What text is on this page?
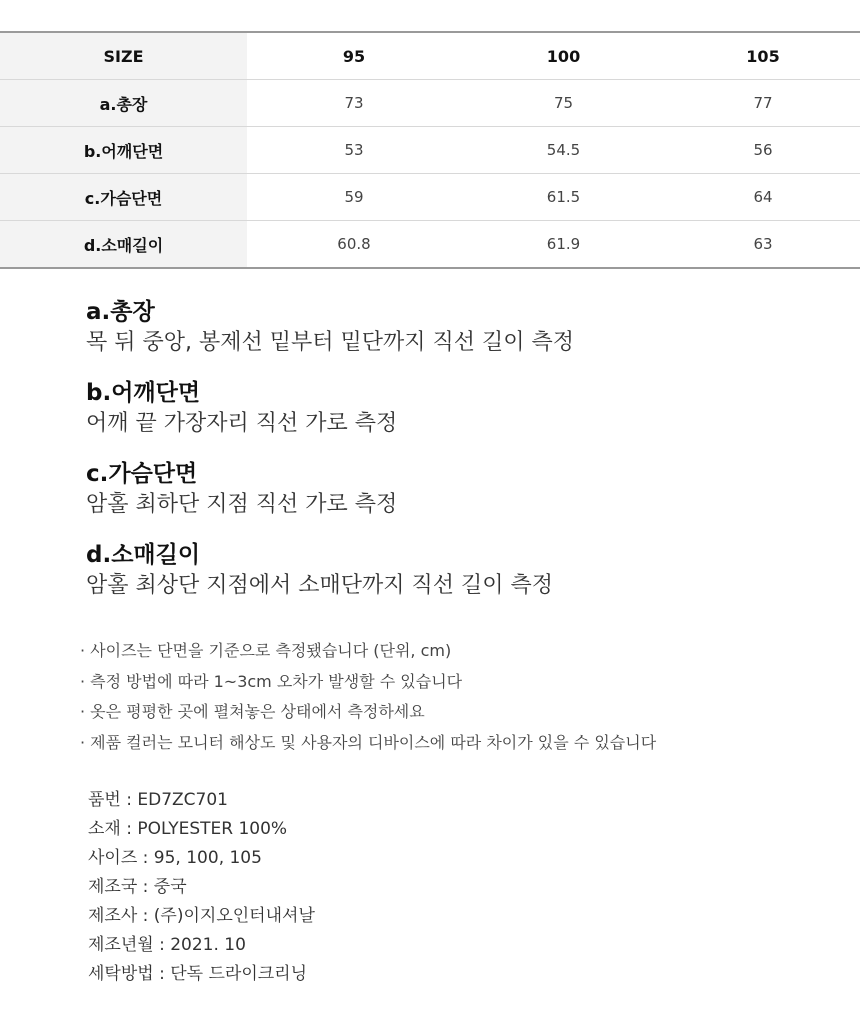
SIZE	95	100	105
a.총장	73	75	77
b.어깨단면	53	54.5	56
c.가슴단면	59	61.5	64
d.소매길이	60.8	61.9	63
a.총장
목 뒤 중앙, 봉제선 밑부터 밑단까지 직선 길이 측정
b.어깨단면
어깨 끝 가장자리 직선 가로 측정
c.가슴단면
암홀 최하단 지점 직선 가로 측정
d.소매길이
암홀 최상단 지점에서 소매단까지 직선 길이 측정
· 사이즈는 단면을 기준으로 측정됐습니다 (단위, cm)
· 측정 방법에 따라 1~3cm 오차가 발생할 수 있습니다
· 옷은 평평한 곳에 펼쳐놓은 상태에서 측정하세요
· 제품 컬러는 모니터 해상도 및 사용자의 디바이스에 따라 차이가 있을 수 있습니다
품번 : ED7ZC701
소재 : POLYESTER 100%
사이즈 : 95, 100, 105
제조국 : 중국
제조사 : (주)이지오인터내셔날
제조년월 : 2021. 10
세탁방법 : 단독 드라이크리닝
